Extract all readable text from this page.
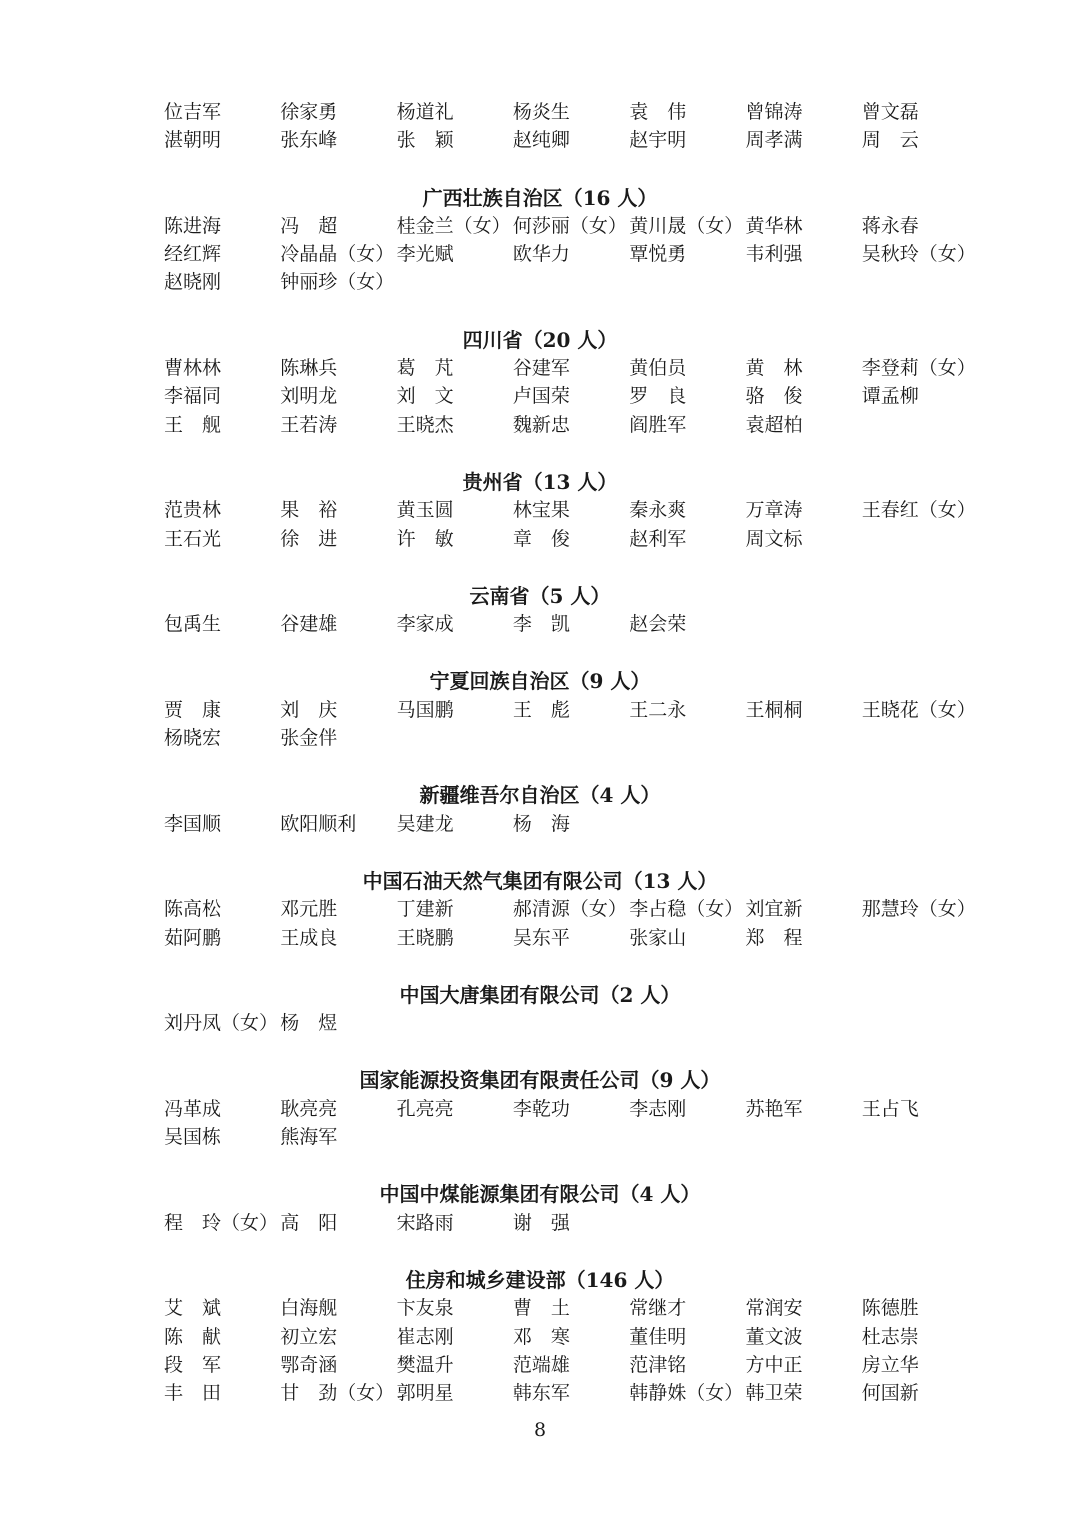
位吉军	徐家勇	杨道礼	杨炎生	袁　伟	曾锦涛	曾文磊
湛朝明	张东峰	张　颖	赵纯卿	赵宇明	周孝满	周　云
广西壮族自治区（16 人）
陈进海	冯　超	桂金兰（女） 何莎丽（女） 黄川晟（女） 黄华林	蒋永春
经红辉	冷晶晶（女） 李光赋	欧华力	覃悦勇	韦利强	吴秋玲（女）
赵晓刚	钟丽珍（女）
四川省（20 人）
曹林林	陈琳兵	葛　芃	谷建军	黄伯员	黄　林	李登莉（女）
李福同	刘明龙	刘　文	卢国荣	罗　良	骆　俊	谭孟柳
王　舰	王若涛	王晓杰	魏新忠	阎胜军	袁超柏
贵州省（13 人）
范贵林	果　裕	黄玉圆	林宝果	秦永爽	万章涛	王春红（女）
王石光	徐　进	许　敏	章　俊	赵利军	周文标
云南省（5 人）
包禹生	谷建雄	李家成	李　凯	赵会荣
宁夏回族自治区（9 人）
贾　康	刘　庆	马国鹏	王　彪	王二永	王桐桐	王晓花（女）
杨晓宏	张金伴
新疆维吾尔自治区（4 人）
李国顺	欧阳顺利 吴建龙	杨　海
中国石油天然气集团有限公司（13 人）
陈高松	邓元胜	丁建新	郝清源（女） 李占稳（女） 刘宜新	那慧玲（女）
茹阿鹏	王成良	王晓鹏	吴东平	张家山	郑　程
中国大唐集团有限公司（2 人）
刘丹凤（女） 杨　煜
国家能源投资集团有限责任公司（9 人）
冯革成	耿亮亮	孔亮亮	李乾功	李志刚	苏艳军	王占飞
吴国栋	熊海军
中国中煤能源集团有限公司（4 人）
程　玲（女） 高　阳	宋路雨	谢　强
住房和城乡建设部（146 人）
艾　斌	白海舰	卞友泉	曹　土	常继才	常润安	陈德胜
陈　献	初立宏	崔志刚	邓　寒	董佳明	董文波	杜志崇
段　军	鄂奇涵	樊温升	范端雄	范津铭	方中正	房立华
丰　田	甘　劲（女） 郭明星	韩东军	韩静姝（女） 韩卫荣	何国新
8
